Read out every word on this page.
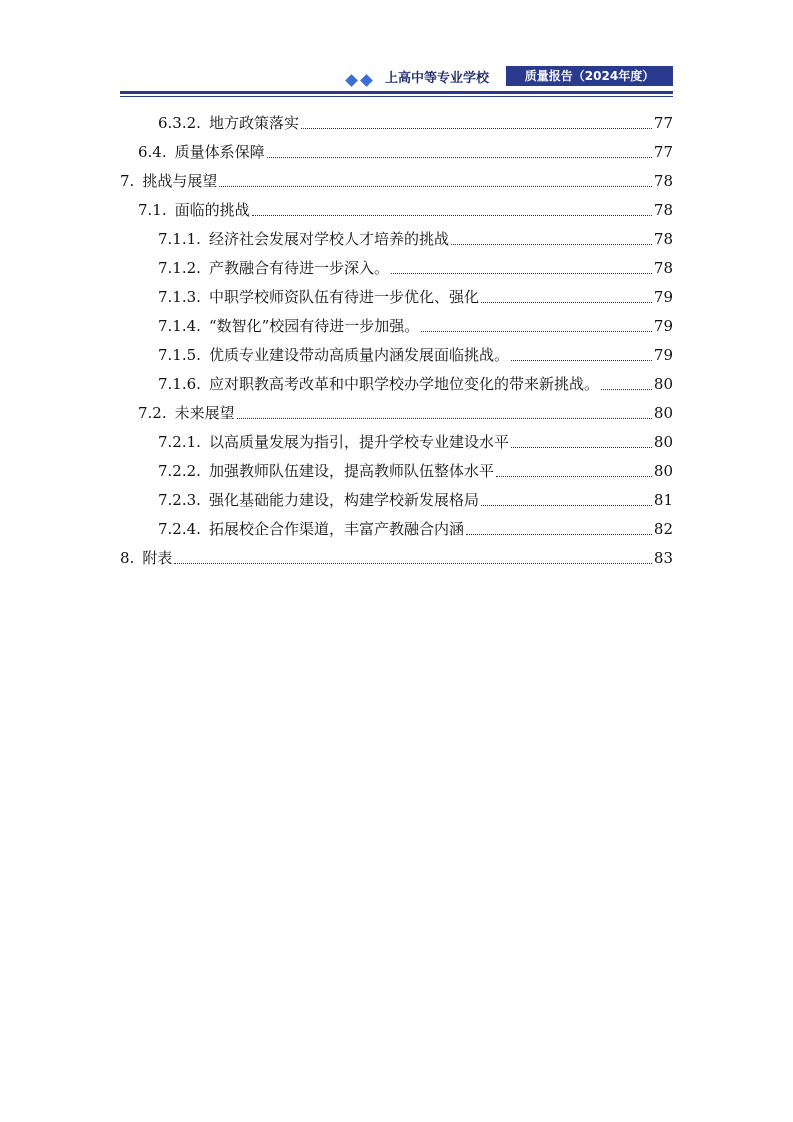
上高中等专业学校	质量报告（2024年度）
6.3.2. 地方政策落实	77
6.4. 质量体系保障	77
7. 挑战与展望	78
7.1. 面临的挑战	78
7.1.1. 经济社会发展对学校人才培养的挑战	78
7.1.2. 产教融合有待进一步深入。	78
7.1.3. 中职学校师资队伍有待进一步优化、强化	79
7.1.4. “数智化”校园有待进一步加强。	79
7.1.5. 优质专业建设带动高质量内涵发展面临挑战。	79
7.1.6. 应对职教高考改革和中职学校办学地位变化的带来新挑战。	80
7.2. 未来展望	80
7.2.1. 以高质量发展为指引，提升学校专业建设水平	80
7.2.2. 加强教师队伍建设，提高教师队伍整体水平	80
7.2.3. 强化基础能力建设，构建学校新发展格局	81
7.2.4. 拓展校企合作渠道，丰富产教融合内涵	82
8. 附表	83
